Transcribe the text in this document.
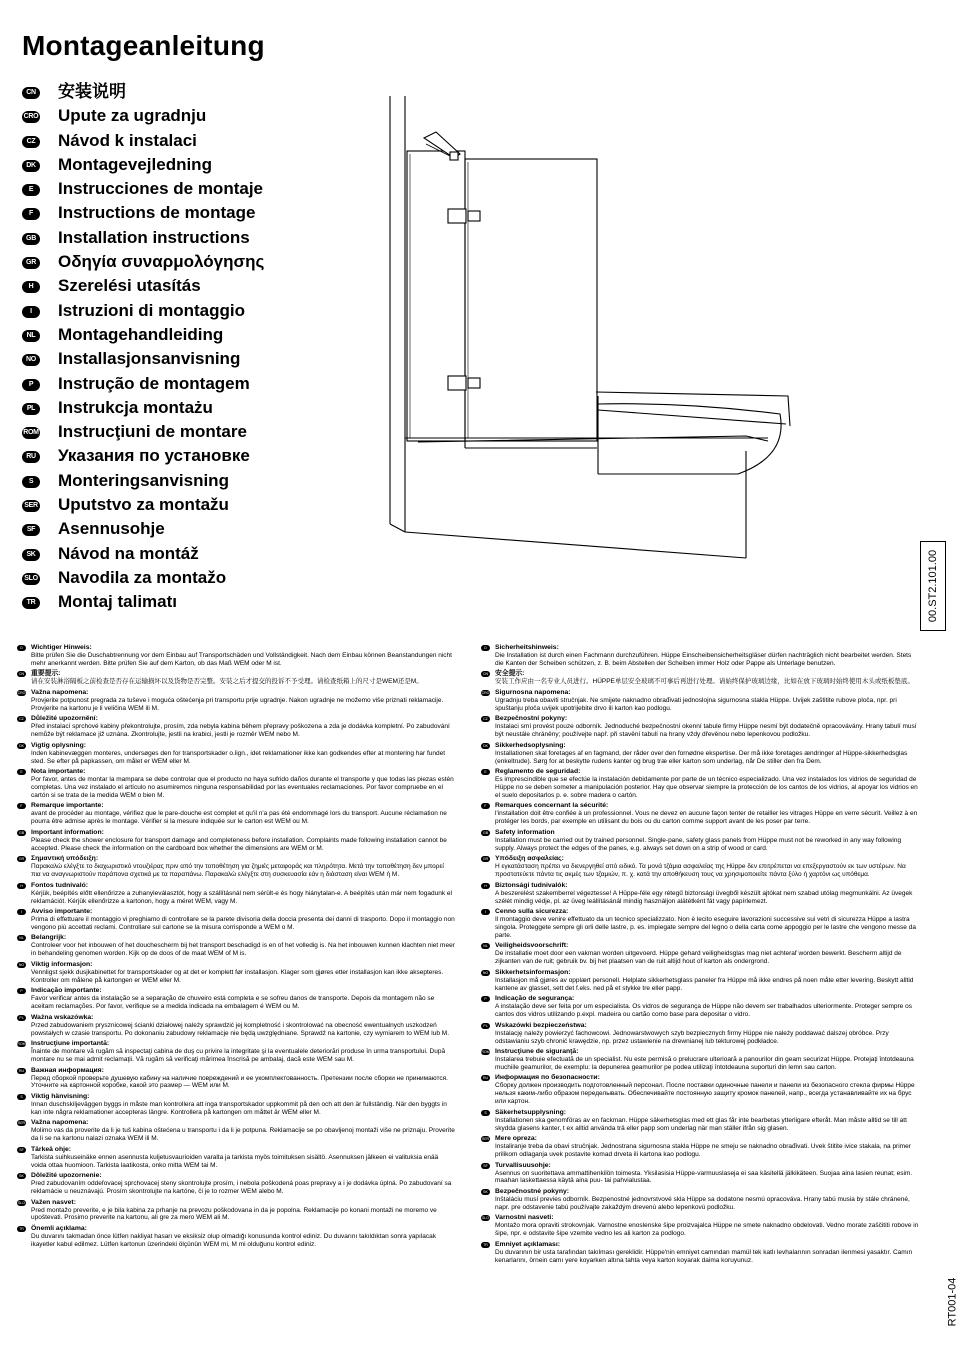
Montageanleitung
CN 安装说明
CRO Upute za ugradnju
CZ Návod k instalaci
DK Montagevejledning
E	Instrucciones de montaje
F	Instructions de montage
GB Installation instructions
GR Οδηγία συναρμολόγησης
H	Szerelési utasítás
I	Istruzioni di montaggio
NL Montagehandleiding
NO Installasjonsanvisning
P	Instrução de montagem
PL Instrukcja montażu
ROM Instrucţiuni de montare
RU Указания по установке
S	Monteringsanvisning
SER Uputstvo za montažu
SF Asennusohje
SK Návod na montáž
SLO Navodila za montažo
TR Montaj talimatı	00.ST2.101.00
RT001-04
D	Wichtiger Hinweis:
Bitte prüfen Sie die Duschabtrennung vor dem Einbau auf Transportschäden und Vollständigkeit. Nach dem Einbau können Beanstandungen nicht mehr anerkannt werden. Bitte prüfen Sie auf dem Karton, ob das Maß WEM oder M ist.
CN 重要提示:
请在安装淋浴隔板之前检查是否存在运输损坏以及货物是否完整。安装之后才提交的投诉不予受理。请检查纸箱上的尺寸是WEM还是M。
CRO Važna napomena:
Provjerite potpunost pregrada za tuševe i moguća oštećenja pri transportu prije ugradnje. Nakon ugradnje ne možemo više priznati reklamacije. Provjerite na kartonu je li veličina WEM ili M.
CZ	Důležité upozornění:
Před instalací sprchové kabiny překontrolujte, prosím, zda nebyla kabina během přepravy poškozena a zda je dodávka kompletní. Po zabudování nemůže být reklamace již uznána. Zkontrolujte, jestli na krabici, jestli je rozměr WEM nebo M.
DK	Vigtig oplysning:
Inden kabinevæggen monteres, undersøges den for transportskader o.lign., idet reklamationer ikke kan godkendes efter at montering har fundet sted. Se efter på papkassen, om målet er WEM eller M.
E	Nota importante:
Por favor, antes de montar la mampara se debe controlar que el producto no haya sufrido daños durante el transporte y que todas las piezas estén completas. Una vez instalado el artículo no asumiremos ninguna responsabilidad por las eventuales reclamaciones. Por favor compruebe en el cartón si se trata de la medida WEM o bien M.
F	Remarque importante:
avant de procéder au montage, vérifiez que le pare-douche est complet et qu'il n'a pas été endommagé lors du transport. Aucune réclamation ne pourra être admise après le montage. Vérifier si la mesure indiquée sur le carton est WEM ou M.
GB Important information:
Please check the shower enclosure for transport damage and completeness before installation. Complaints made following installation cannot be accepted. Please check the information on the cardboard box whether the dimensions are WEM or M.
GR Σημαντική υπόδειξη:
Παρακαλώ ελέγξτε το διαχωριστικό ντουζιέρας πριν από την τοποθέτηση για ζημιές μεταφοράς και πληρότητα. Μετά την τοποθέτηση δεν μπορεί πια να αναγνωριστούν παράπονα σχετικά με τα παραπάνω. Παρακαλώ ελέγξτε στη συσκευασία εάν η διάσταση είναι WEM ή M.
H	Fontos tudnivaló:
Kérjük, beépítés előtt ellenőrizze a zuhanyleválasztót, hogy a szállításnál nem sérült-e és hogy hiánytalan-e. A beépítés után már nem fogadunk el reklamációt. Kérjük ellenőrizze a kartonon, hogy a méret WEM, vagy M.
I	Avviso importante:
Prima di effettuare il montaggio vi preghiamo di controllare se la parete divisoria della doccia presenta dei danni di trasporto. Dopo il montaggio non vengono più accettati reclami. Controllare sul cartone se la misura corrisponde a WEM o M.
NL	Belangrijk:
Controleer voor het inbouwen of het douchescherm bij het transport beschadigd is en of het volledig is. Na het inbouwen kunnen klachten niet meer in behandeling genomen worden. Kijk op de doos of de maat WEM of M is.
NO Viktig informasjon:
Vennligst sjekk dusjkabinettet for transportskader og at det er komplett før installasjon. Klager som gjøres etter installasjon kan ikke aksepteres. Kontroller om målene på kartongen er WEM eller M.
P	Indicação importante:
Favor verificar antes da instalação se a separação de chuveiro está completa e se sofreu danos de transporte. Depois da montagem não se aceitam reclamações. Por favor, verifique se a medida indicada na embalagem é WEM ou M.
PL	Ważna wskazówka:
Przed zabudowaniem prysznicowej ścianki działowej należy sprawdzić jej kompletność i skontrolować na obecność ewentualnych uszkodzeń powstałych w czasie transportu. Po dokonaniu zabudowy reklamacje nie będą uwzględniane. Sprawdź na kartonie, czy wymiarem to WEM lub M.
ROM Instrucţiune importantă:
Înainte de montare vă rugăm să inspectaţi cabina de duş cu privire la integritate şi la eventualele deteriorări produse în urma transportului. După montare nu se mai admit reclamaţii. Vă rugăm să verificaţi mărimea înscrisă pe ambalaj, dacă este WEM sau M.
RU Важная информация:
Перед сборкой проверьте душевую кабину на наличие повреждений и ее укомплектованность. Претензии после сборки не принимаются. Уточните на картонной коробке, какой это размер — WEM или M.
S	Viktig hänvisning:
Innan duschskiljeväggen byggs in måste man kontrollera att inga transportskador uppkommit på den och att den är fullständig. När den byggts in kan inte några reklamationer accepteras längre. Kontrollera på kartongen om måttet är WEM eller M.
SER Važna napomena:
Molimo vas da proverite da li je tuš kabina oštećena u transportu i da li je potpuna. Reklamacije se po obavljenoj montaži više ne priznaju. Proverite da li se na kartonu nalazi oznaka WEM ili M.
SF	Tärkeä ohje:
Tarkista suihkuseinäke ennen asennusta kuljetusvaurioiden varalta ja tarkista myös toimituksen sisältö. Asennuksen jälkeen ei valituksia enää voida ottaa huomioon. Tarkista laatikosta, onko mitta WEM tai M.
SK	Dôležité upozornenie:
Pred zabudovaním oddeľovacej sprchovacej steny skontrolujte prosím, i nebola poškodená poas prepravy a i je dodávka úplná. Po zabudovaní sa reklamácie u neuznávajú. Prosím skontrolujte na kartóne, či je to rozmer WEM alebo M.
SLO Važen nasvet:
Pred montažo preverite, e je bila kabina za prhanje na prevozu poškodovana in da je popolna. Reklamacije po konani montaži ne moremo ve upoštevati. Prosimo preverite na kartonu, ali gre za mero WEM ali M.
TR	Önemli açıklama:
Du duvarını takmadan önce lütfen nakliyat hasarı ve eksiksiz olup olmadığı konusunda kontrol ediniz. Du duvarını takıldıktan sonra yapılacak ikayetler kabul edilmez. Lütfen kartonun üzerindeki ölçünün WEM mi, M mi olduğunu kontrol ediniz.
D	Sicherheitshinweis:
Die Installation ist durch einen Fachmann durchzuführen. Hüppe Einscheibensicherheitsgläser dürfen nachträglich nicht bearbeitet werden. Stets die Kanten der Scheiben schützen, z. B. beim Abstellen der Scheiben immer Holz oder Pappe als Unterlage benutzen.
CN 安全提示:
安装工作应由一名专业人员进行。HÜPPE单层安全玻璃不可事后再进行处理。请始终保护玻璃边缘，比如在放下玻璃时始终使用木头或纸板垫底。
CRO Sigurnosna napomena:
Ugradnju treba obaviti stručnjak. Ne smijete naknadno obrađivati jednoslojna sigurnosna stakla Hüppe. Uvijek zaštitite rubove ploča, npr. pri spuštanju ploča uvijek upotrijebite drvo ili karton kao podlogu.
CZ	Bezpečnostní pokyny:
Instalaci smí provést pouze odborník. Jednoduché bezpečnostní okenní tabule firmy Hüppe nesmí být dodatečně opracovávány. Hrany tabulí musí být neustále chráněny; používejte např. při stavění tabulí na hrany vždy dřevěnou nebo lepenkovou podložku.
DK	Sikkerhedsoplysning:
Installationen skal foretages af en fagmand, der råder over den fornødne ekspertise. Der må ikke foretages ændringer af Hüppe-sikkerhedsglas (enkeltrude). Sørg for at beskytte rudens kanter og brug træ eller karton som underlag, når De stiller den fra Dem.
E	Reglamento de seguridad:
Es imprescindible que se efectúe la instalación debidamente por parte de un técnico especializado. Una vez instalados los vidrios de seguridad de Hüppe no se deben someter a manipulación posterior. Hay que observar siempre la protección de los cantos de los vidrios, al apoyar los vidrios en el suelo depositarlos p. e. sobre madera o cartón.
F	Remarques concernant la sécurité:
l'installation doit être confiée à un professionnel. Vous ne devez en aucune façon tenter de retailler les vitrages Hüppe en verre sécurit. Veillez à en protéger les bords, par exemple en utilisant du bois ou du carton comme support avant de les poser par terre.
GB Safety information
Installation must be carried out by trained personnel. Single-pane, safety glass panels from Hüppe must not be reworked in any way following supply. Always protect the edges of the panes, e.g. always set down on a strip of wood or card.
GR Υπόδειξη ασφαλείας:
Η εγκατάσταση πρέπει να διενεργηθεί από ειδικό. Τα μονά τζάμια ασφαλείας της Hüppe δεν επιτρέπεται να επεξεργαστούν εκ των υστέρων. Να προστατεύετε πάντα τις ακμές των τζαμιών, π. χ. κατά την αποθήκευση τους να χρησιμοποιείτε πάντα ξύλο ή χαρτόνι ως υπόθεμα.
H	Biztonsági tudnivalók:
A beszerelést szakemberrel végeztesse! A Hüppe-féle egy rétegű biztonsági üvegből készült ajtókat nem szabad utólag megmunkálni. Az üvegek szélét mindig védje, pl. az üveg leállításánál mindig használjon alátétként fát vagy papírlemezt.
I	Cenno sulla sicurezza:
Il montaggio deve venire effettuato da un tecnico specializzato. Non è lecito eseguire lavorazioni successive sui vetri di sicurezza Hüppe a lastra singola. Proteggete sempre gli orli delle lastre, p. es. impiegate sempre del legno o della carta come appoggio per le lastre che vengono messe da parte.
NL	Veiligheidsvoorschrift:
De installatie moet door een vakman worden uitgevoerd. Hüppe gehard veiligheidsglas mag niet achteraf worden bewerkt. Bescherm altijd de zijkanten van de ruit; gebruik bv. bij het plaatsen van de ruit altijd hout of karton als ondergrond.
NO Sikkerhetsinformasjon:
Installasjon må gjøres av opplært personell. Helplate sikkerhetsglass paneler fra Hüppe må ikke endres på noen måte etter levering. Beskytt alltid kantene av glasset, sett det f.eks. ned på et stykke tre eller papp.
P	Indicação de segurança:
A instalação deve ser feita por um especialista. Os vidros de segurança de Hüppe não devem ser trabalhados ulteriormente. Proteger sempre os cantos dos vidros utilizando p.expl. madeira ou cartão como base para depositar o vidro.
PL	Wskazówki bezpieczeństwa:
Instalację należy powierzyć fachowcowi. Jednowarstwowych szyb bezpiecznych firmy Hüppe nie należy poddawać dalszej obróbce. Przy odstawianiu szyb chronić krawędzie, np. przez ustawienie na drewnianej lub tekturowej podkładce.
ROM Instrucţiune de siguranţă:
Instalarea trebuie efectuată de un specialist. Nu este permisă o prelucrare ulterioară a panourilor din geam securizat Hüppe. Protejaţi întotdeauna muchiile geamurilor, de exemplu: la depunerea geamurilor pe podea utilizaţi întotdeauna suporturi din lemn sau carton.
RU Информация по безопасности:
Сборку должен производить подготовленный персонал. После поставки одиночные панели и панели из безопасного стекла фирмы Hüppe нельзя каким-либо образом переделывать. Обеспечивайте постоянную защиту кромок панелей, напр., всегда устанавливайте их на брус или картон.
S	Säkerhetsupplysning:
Installationen ska genomföras av en fackman. Hüppe säkerhetsglas med ett glas får inte bearbetas ytterligare efteråt. Man måste alltid se till att skydda glasens kanter, t ex alltid använda trä eller papp som underlag när man ställer ifrån sig glasen.
SER Mere opreza:
Instaliranje treba da obavi stručnjak. Jednostrana sigurnosna stakla Hüppe ne smeju se naknadno obrađivati. Uvek štitite ivice stakala, na primer prilikom odlaganja uvek postavite komad drveta ili kartona kao podlogu.
SF	Turvallisuusohje:
Asennus on suoritettava ammattihenkilön toimesta. Yksilasisia Hüppe-varmuuslaseja ei saa käsitellä jälkikäteen. Suojaa aina lasien reunat; esim. maahan laskettaessa käytä aina puu- tai pahvialustaa.
SK	Bezpečnostné pokyny:
Inštaláciu musí previes odborník. Bezpenostné jednovrstvové skla Hüppe sa dodatone nesmú opracováva. Hrany tabú musia by stále chránené, napr. pre odstavenie tabú používajte zakaždým drevenú alebo lepenkovú podložku.
SLO Varnostni nasveti:
Montažo mora opraviti strokovnjak. Varnostne enoslenske šipe proizvajalca Hüppe ne smete naknadno obdelovati. Vedno morate zaščititi robove in šipe, npr. e odstavite šipe vzemite vedno les ali karton za podlogo.
TR	Emniyet açıklaması:
Du duvarının bir usta tarafından takılması gereklidir. Hüppe'nin emniyet camından mamül tek katlı levhalarının sonradan ilenmesi yasaktır. Camın kenarlarını, örnein camı yere koyarken altına tahta veya karton koyarak daima koruyunuz.
